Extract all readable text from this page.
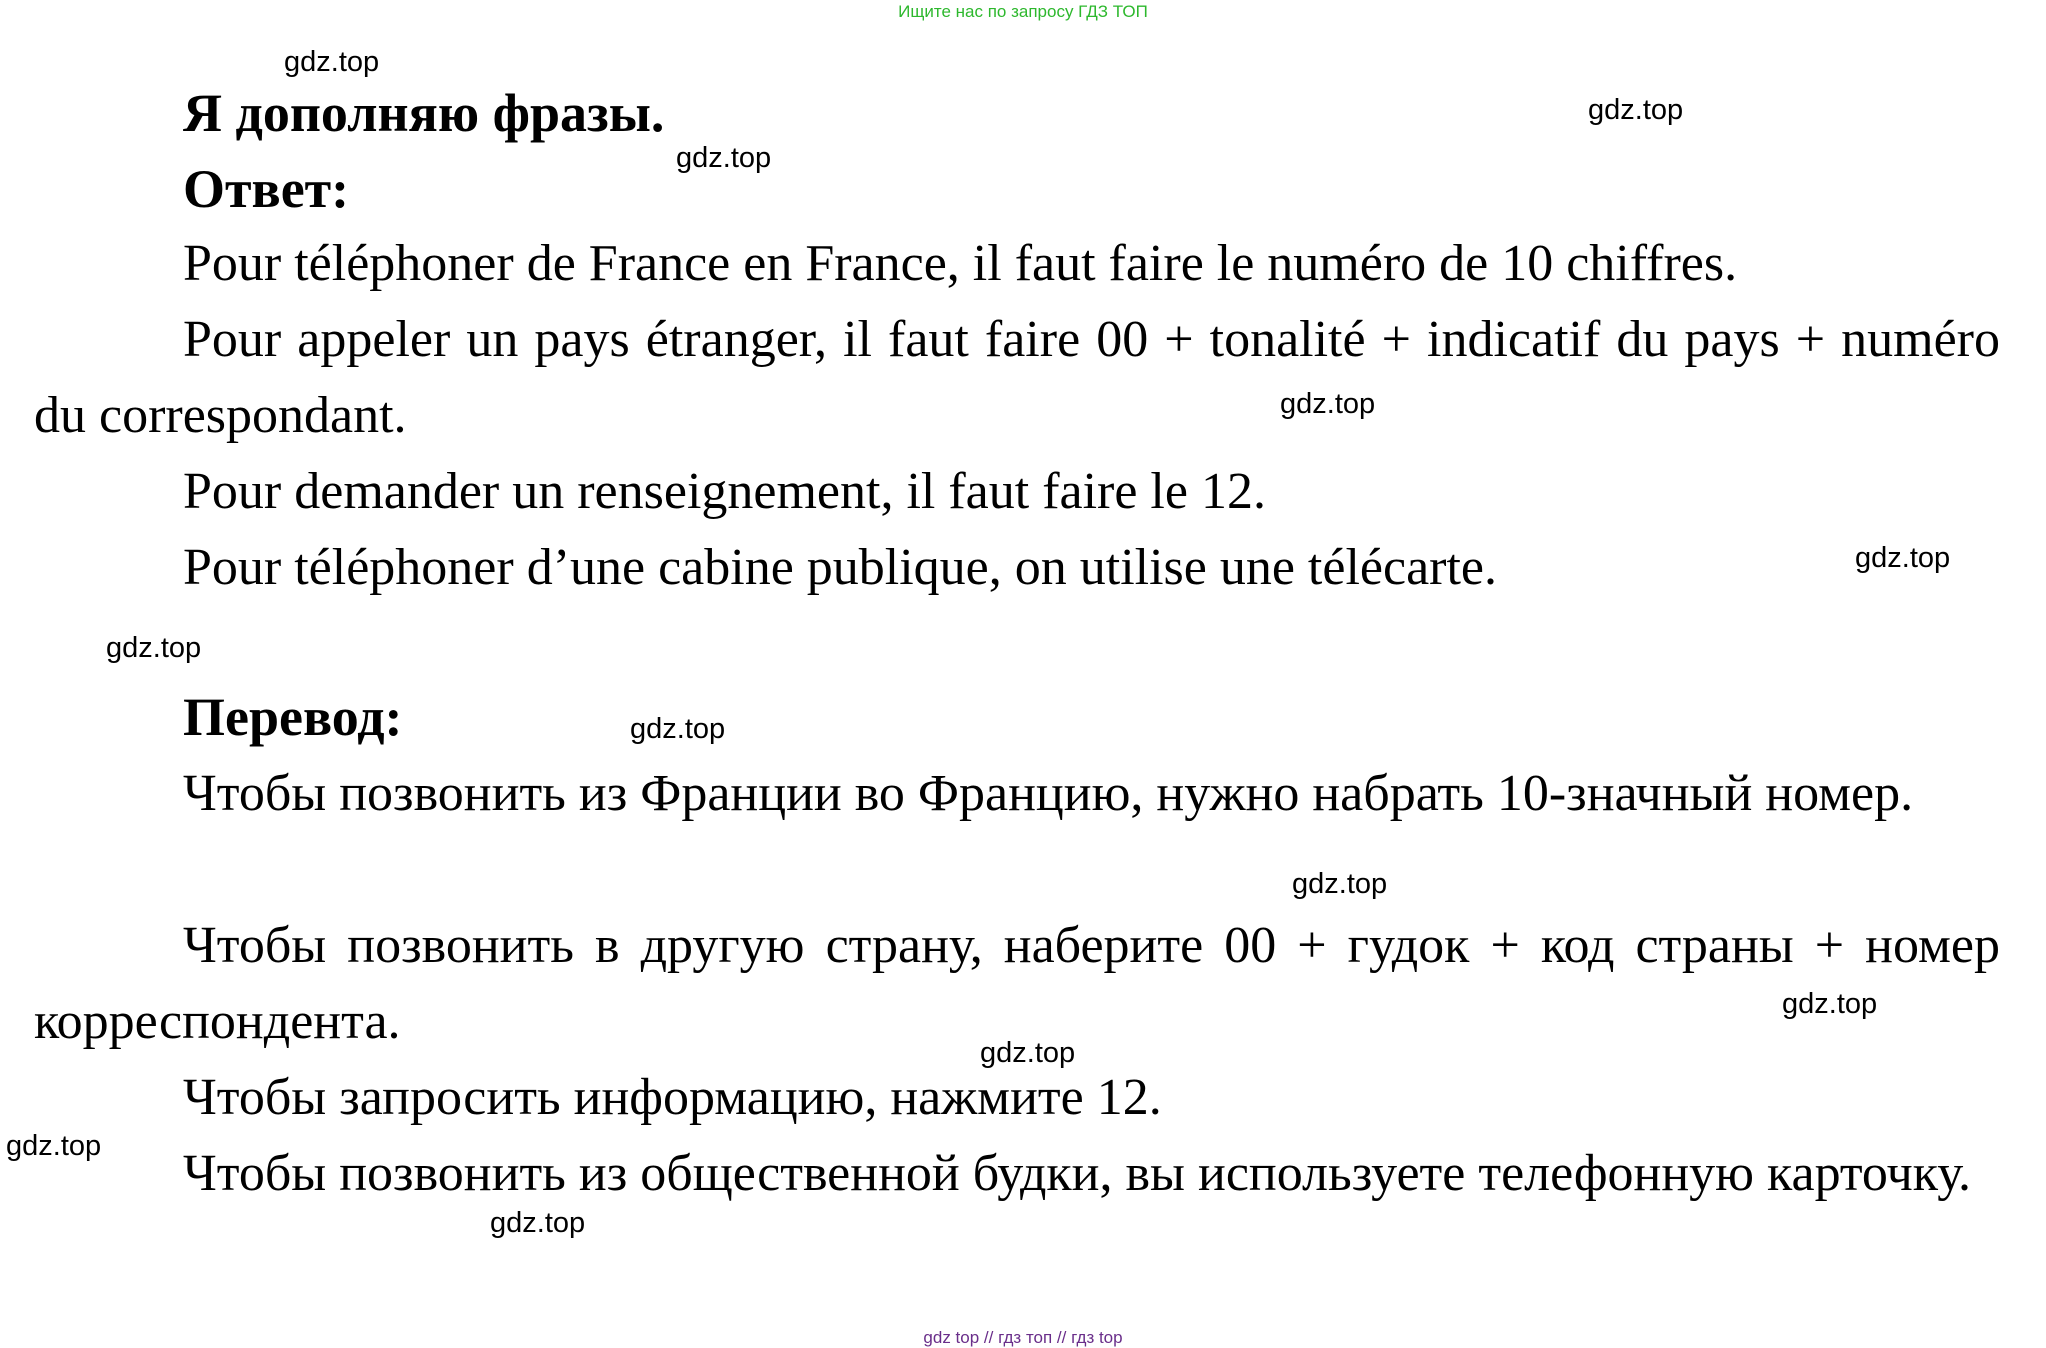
Ищите нас по запросу ГДЗ ТОП
gdz.top
gdz.top
gdz.top
gdz.top
gdz.top
gdz.top
gdz.top
gdz.top
gdz.top
gdz.top
gdz.top
gdz.top
Я дополняю фразы.
Ответ:

Pour téléphoner de France en France, il faut faire le numéro de 10 chiffres.

Pour appeler un pays étranger, il faut faire 00 + tonalité + indicatif du pays + numéro du correspondant.

Pour demander un renseignement, il faut faire le 12.

Pour téléphoner d’une cabine publique, on utilise une télécarte.

Перевод:

Чтобы позвонить из Франции во Францию, нужно набрать 10-значный номер.

Чтобы позвонить в другую страну, наберите 00 + гудок + код страны + номер корреспондента.

Чтобы запросить информацию, нажмите 12.

Чтобы позвонить из общественной будки, вы используете телефонную карточку.

gdz top // гдз топ // гдз top
